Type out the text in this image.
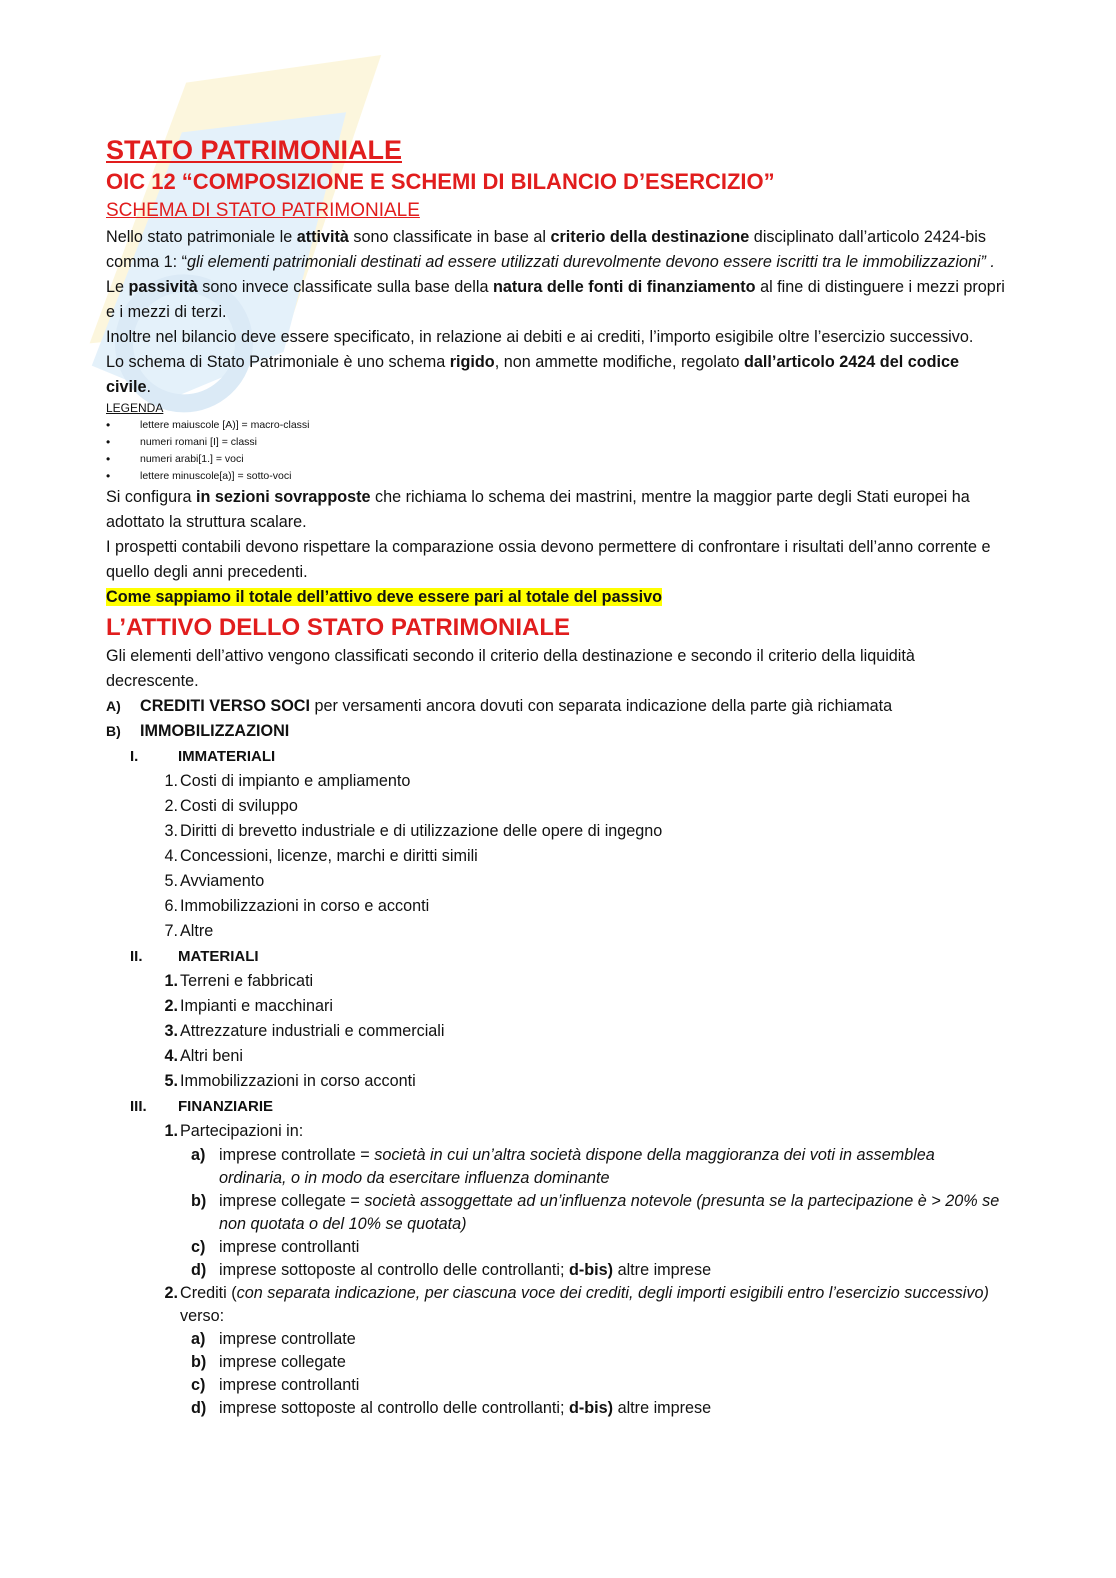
STATO PATRIMONIALE
OIC 12 “COMPOSIZIONE E SCHEMI DI BILANCIO D’ESERCIZIO”
SCHEMA DI STATO PATRIMONIALE

Nello stato patrimoniale le attività sono classificate in base al criterio della destinazione disciplinato dall’articolo 2424-bis comma 1: “gli elementi patrimoniali destinati ad essere utilizzati durevolmente devono essere iscritti tra le immobilizzazioni” .

Le passività sono invece classificate sulla base della natura delle fonti di finanziamento al fine di distinguere i mezzi propri e i mezzi di terzi.

Inoltre nel bilancio deve essere specificato, in relazione ai debiti e ai crediti, l’importo esigibile oltre l’esercizio successivo.

Lo schema di Stato Patrimoniale è uno schema rigido, non ammette modifiche, regolato dall’articolo 2424 del codice civile.

LEGENDA
• lettere maiuscole [A)] = macro-classi
• numeri romani [I] = classi
• numeri arabi[1.] = voci
• lettere minuscole[a)] = sotto-voci

Si configura in sezioni sovrapposte che richiama lo schema dei mastrini, mentre la maggior parte degli Stati europei ha adottato la struttura scalare.

I prospetti contabili devono rispettare la comparazione ossia devono permettere di confrontare i risultati dell’anno corrente e quello degli anni precedenti.

Come sappiamo il totale dell’attivo deve essere pari al totale del passivo

L’ATTIVO DELLO STATO PATRIMONIALE

Gli elementi dell’attivo vengono classificati secondo il criterio della destinazione e secondo il criterio della liquidità decrescente.

A)	CREDITI VERSO SOCI per versamenti ancora dovuti con separata indicazione della parte già richiamata
B)	IMMOBILIZZAZIONI
I.	IMMATERIALI
1. Costi di impianto e ampliamento
2. Costi di sviluppo
3. Diritti di brevetto industriale e di utilizzazione delle opere di ingegno
4. Concessioni, licenze, marchi e diritti simili
5. Avviamento
6. Immobilizzazioni in corso e acconti
7. Altre
II.	MATERIALI
1. Terreni e fabbricati
2. Impianti e macchinari
3. Attrezzature industriali e commerciali
4. Altri beni
5. Immobilizzazioni in corso acconti
III.	FINANZIARIE
1. Partecipazioni in:
a) imprese controllate = società in cui un’altra società dispone della maggioranza dei voti in assemblea ordinaria, o in modo da esercitare influenza dominante
b) imprese collegate = società assoggettate ad un’influenza notevole (presunta se la partecipazione è > 20% se non quotata o del 10% se quotata)
c) imprese controllanti
d) imprese sottoposte al controllo delle controllanti; d-bis) altre imprese
2. Crediti (con separata indicazione, per ciascuna voce dei crediti, degli importi esigibili entro l’esercizio successivo) verso:
a) imprese controllate
b) imprese collegate
c) imprese controllanti
d) imprese sottoposte al controllo delle controllanti; d-bis) altre imprese
